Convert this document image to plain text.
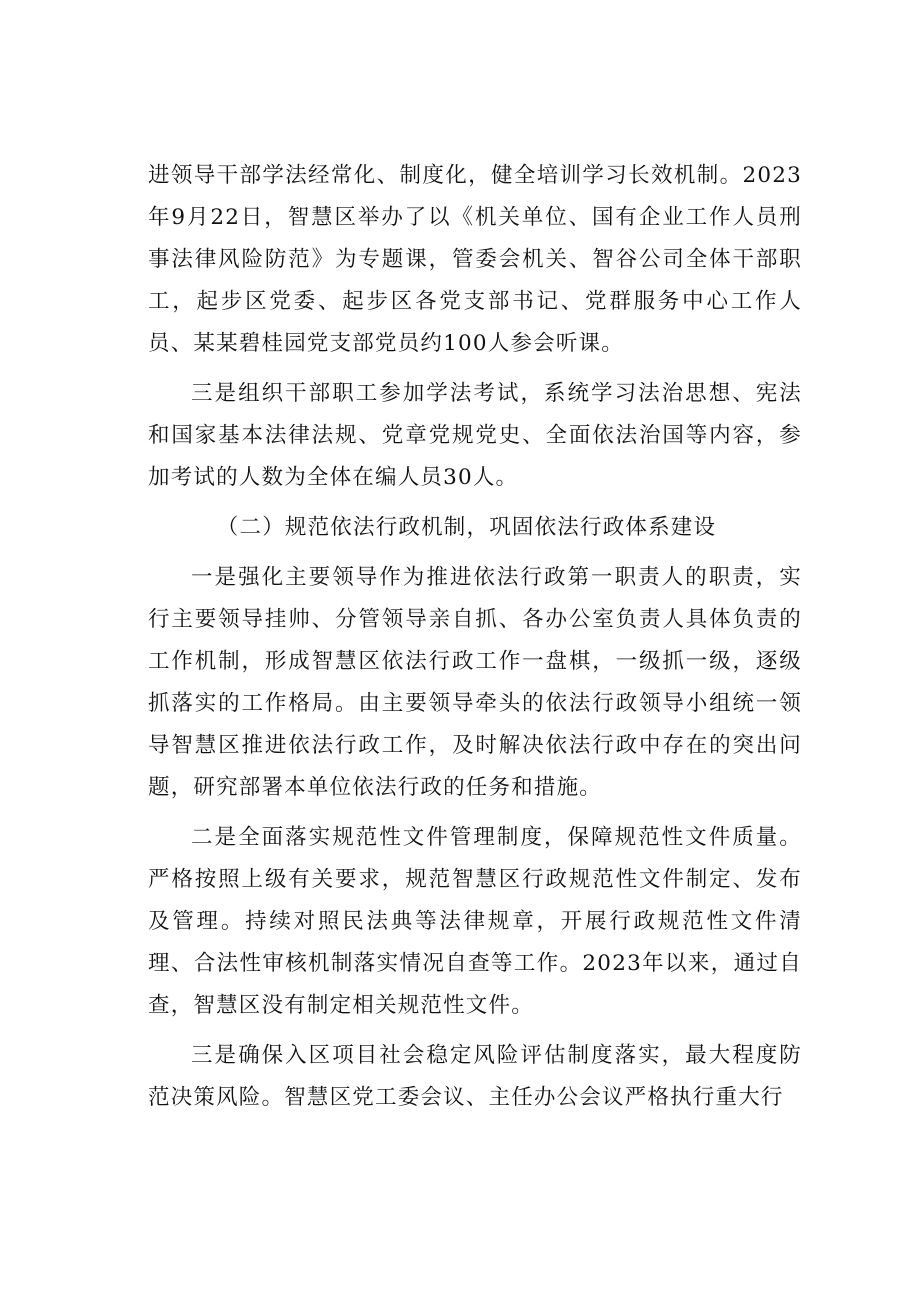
进领导干部学法经常化、制度化，健全培训学习长效机制。2023年9月22日，智慧区举办了以《机关单位、国有企业工作人员刑事法律风险防范》为专题课，管委会机关、智谷公司全体干部职工，起步区党委、起步区各党支部书记、党群服务中心工作人员、某某碧桂园党支部党员约100人参会听课。

三是组织干部职工参加学法考试，系统学习法治思想、宪法和国家基本法律法规、党章党规党史、全面依法治国等内容，参加考试的人数为全体在编人员30人。

（二）规范依法行政机制，巩固依法行政体系建设

一是强化主要领导作为推进依法行政第一职责人的职责，实行主要领导挂帅、分管领导亲自抓、各办公室负责人具体负责的工作机制，形成智慧区依法行政工作一盘棋，一级抓一级，逐级抓落实的工作格局。由主要领导牵头的依法行政领导小组统一领导智慧区推进依法行政工作，及时解决依法行政中存在的突出问题，研究部署本单位依法行政的任务和措施。

二是全面落实规范性文件管理制度，保障规范性文件质量。严格按照上级有关要求，规范智慧区行政规范性文件制定、发布及管理。持续对照民法典等法律规章，开展行政规范性文件清理、合法性审核机制落实情况自查等工作。2023年以来，通过自查，智慧区没有制定相关规范性文件。

三是确保入区项目社会稳定风险评估制度落实，最大程度防范决策风险。智慧区党工委会议、主任办公会议严格执行重大行
